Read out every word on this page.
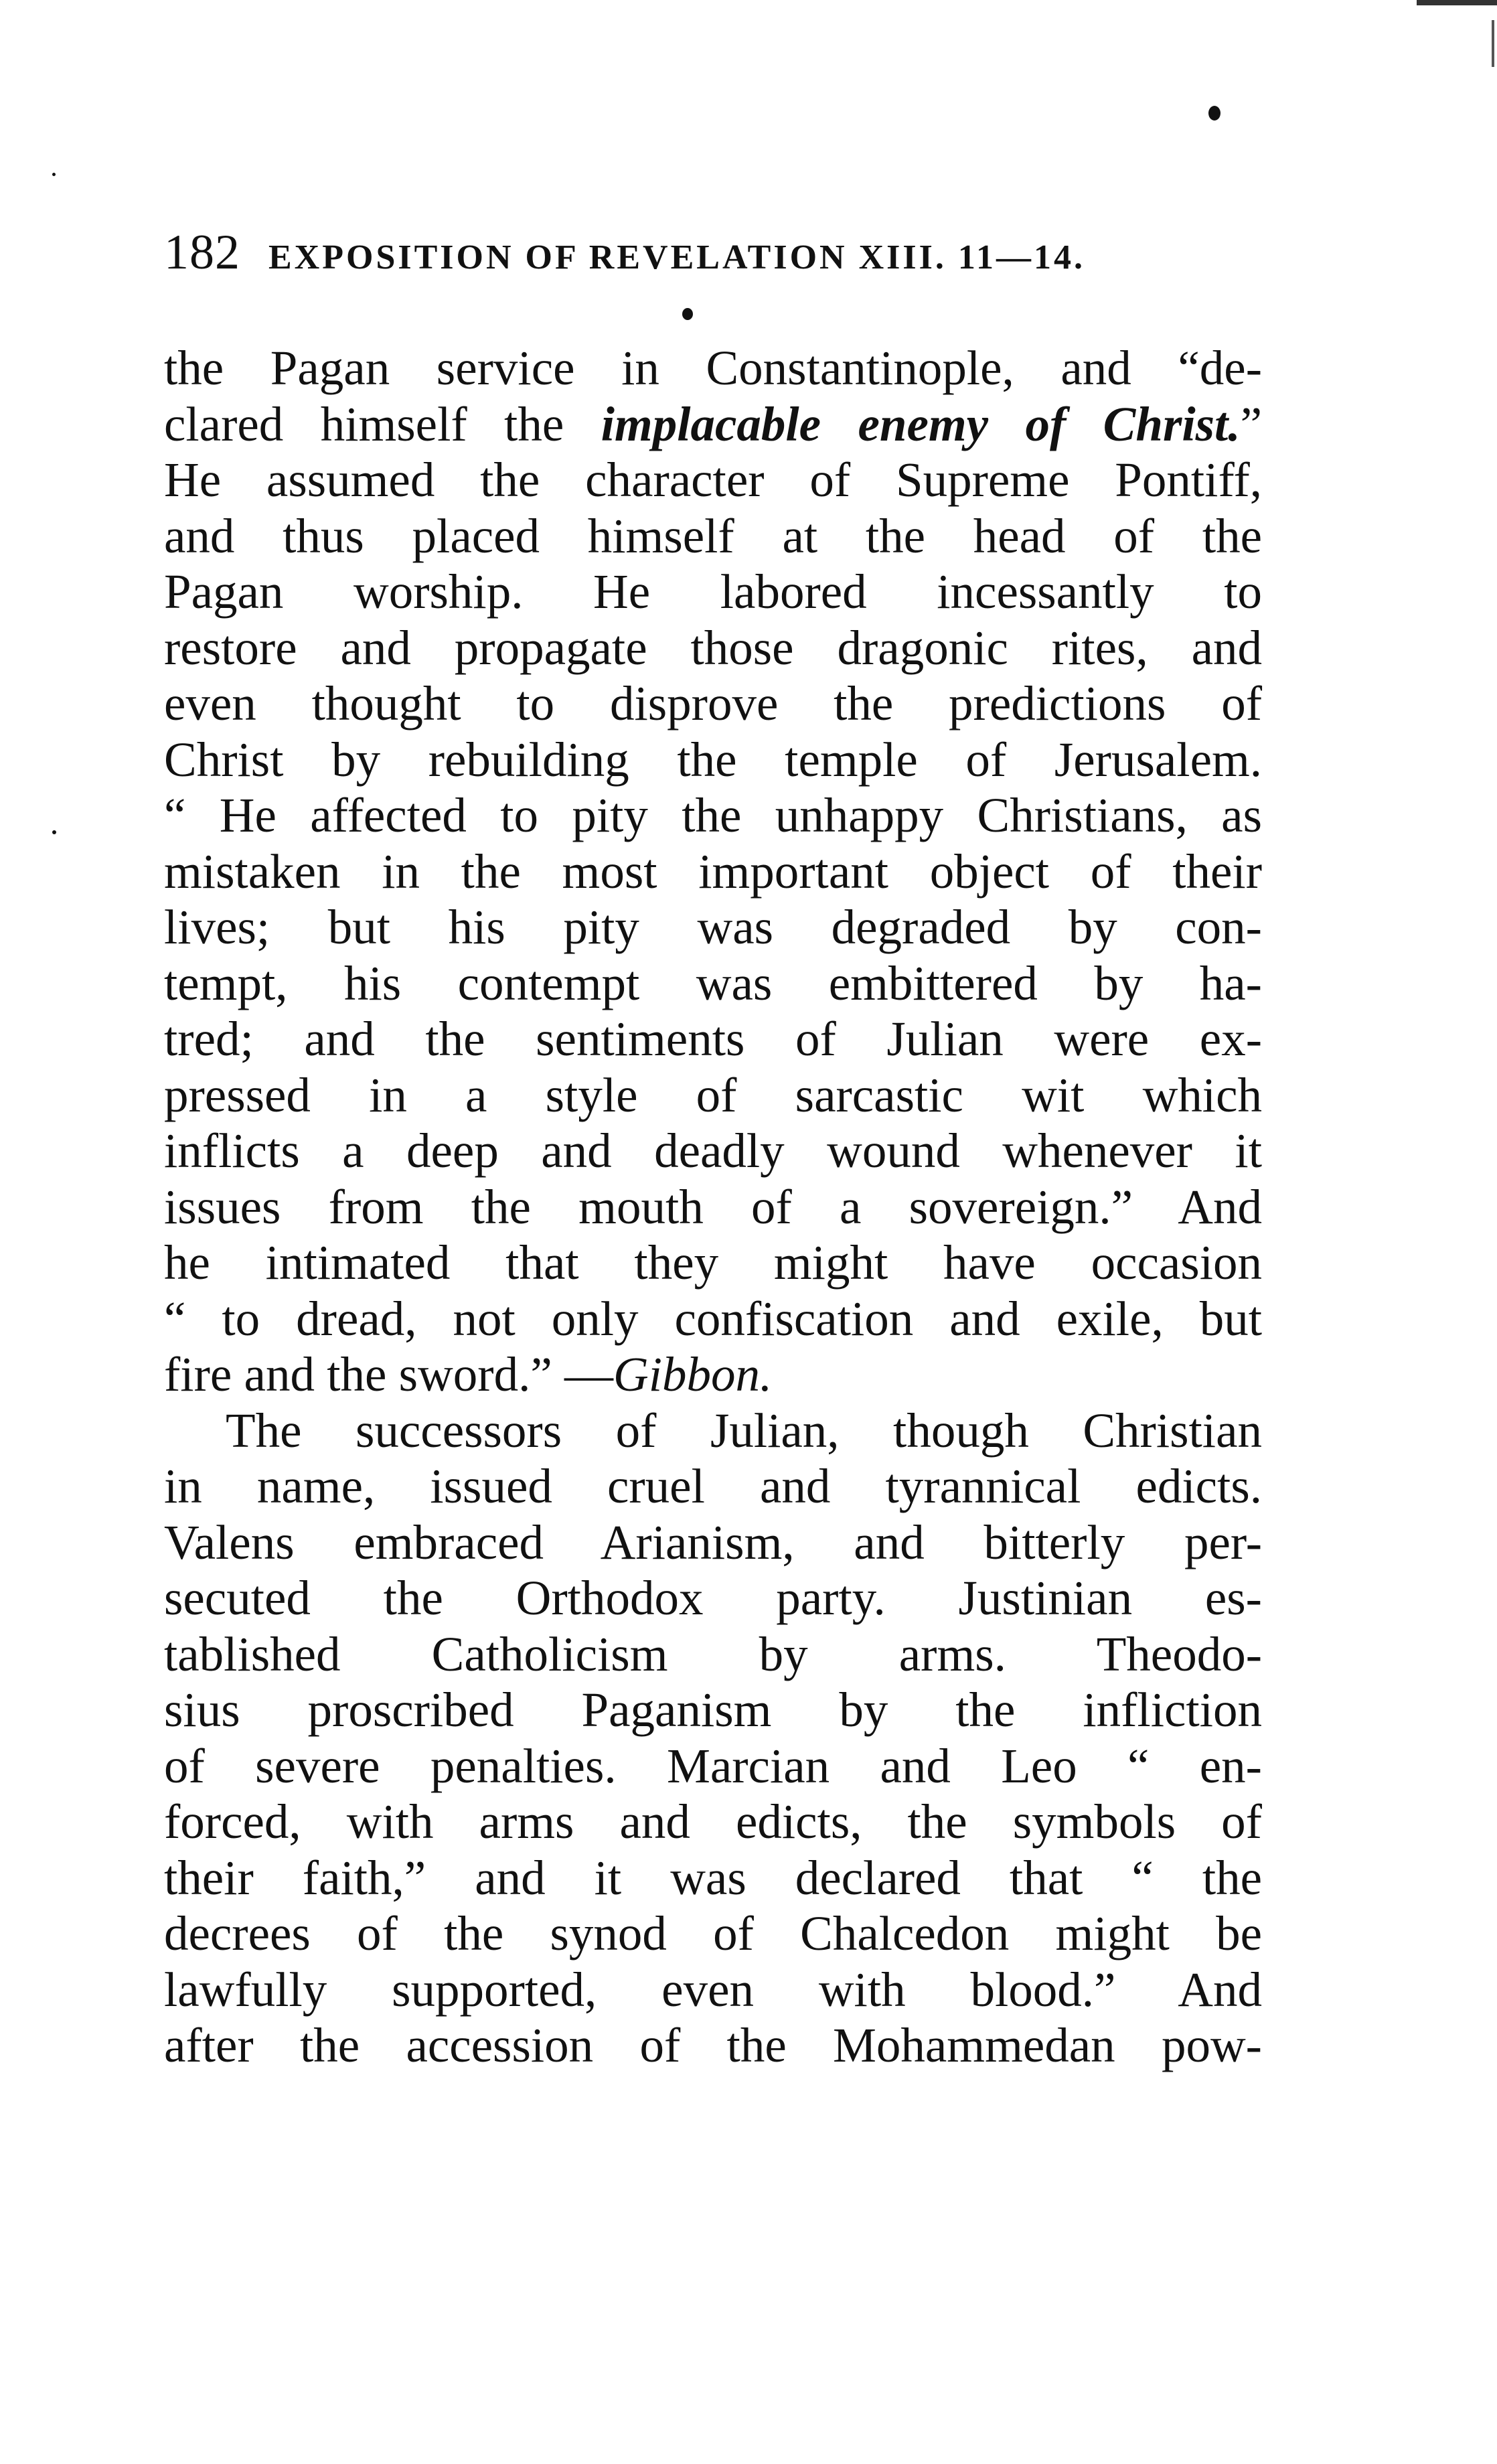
182 EXPOSITION OF REVELATION XIII. 11—14.
the Pagan service in Constantinople, and “de-
clared himself the implacable enemy of Christ.”
He assumed the character of Supreme Pontiff,
and thus placed himself at the head of the
Pagan worship. He labored incessantly to
restore and propagate those dragonic rites, and
even thought to disprove the predictions of
Christ by rebuilding the temple of Jerusalem.
“ He affected to pity the unhappy Christians, as
mistaken in the most important object of their
lives; but his pity was degraded by con-
tempt, his contempt was embittered by ha-
tred; and the sentiments of Julian were ex-
pressed in a style of sarcastic wit which
inflicts a deep and deadly wound whenever it
issues from the mouth of a sovereign.” And
he intimated that they might have occasion
“ to dread, not only confiscation and exile, but
fire and the sword.” —Gibbon.
The successors of Julian, though Christian
in name, issued cruel and tyrannical edicts.
Valens embraced Arianism, and bitterly per-
secuted the Orthodox party. Justinian es-
tablished Catholicism by arms. Theodo-
sius proscribed Paganism by the infliction
of severe penalties. Marcian and Leo “ en-
forced, with arms and edicts, the symbols of
their faith,” and it was declared that “ the
decrees of the synod of Chalcedon might be
lawfully supported, even with blood.” And
after the accession of the Mohammedan pow-
